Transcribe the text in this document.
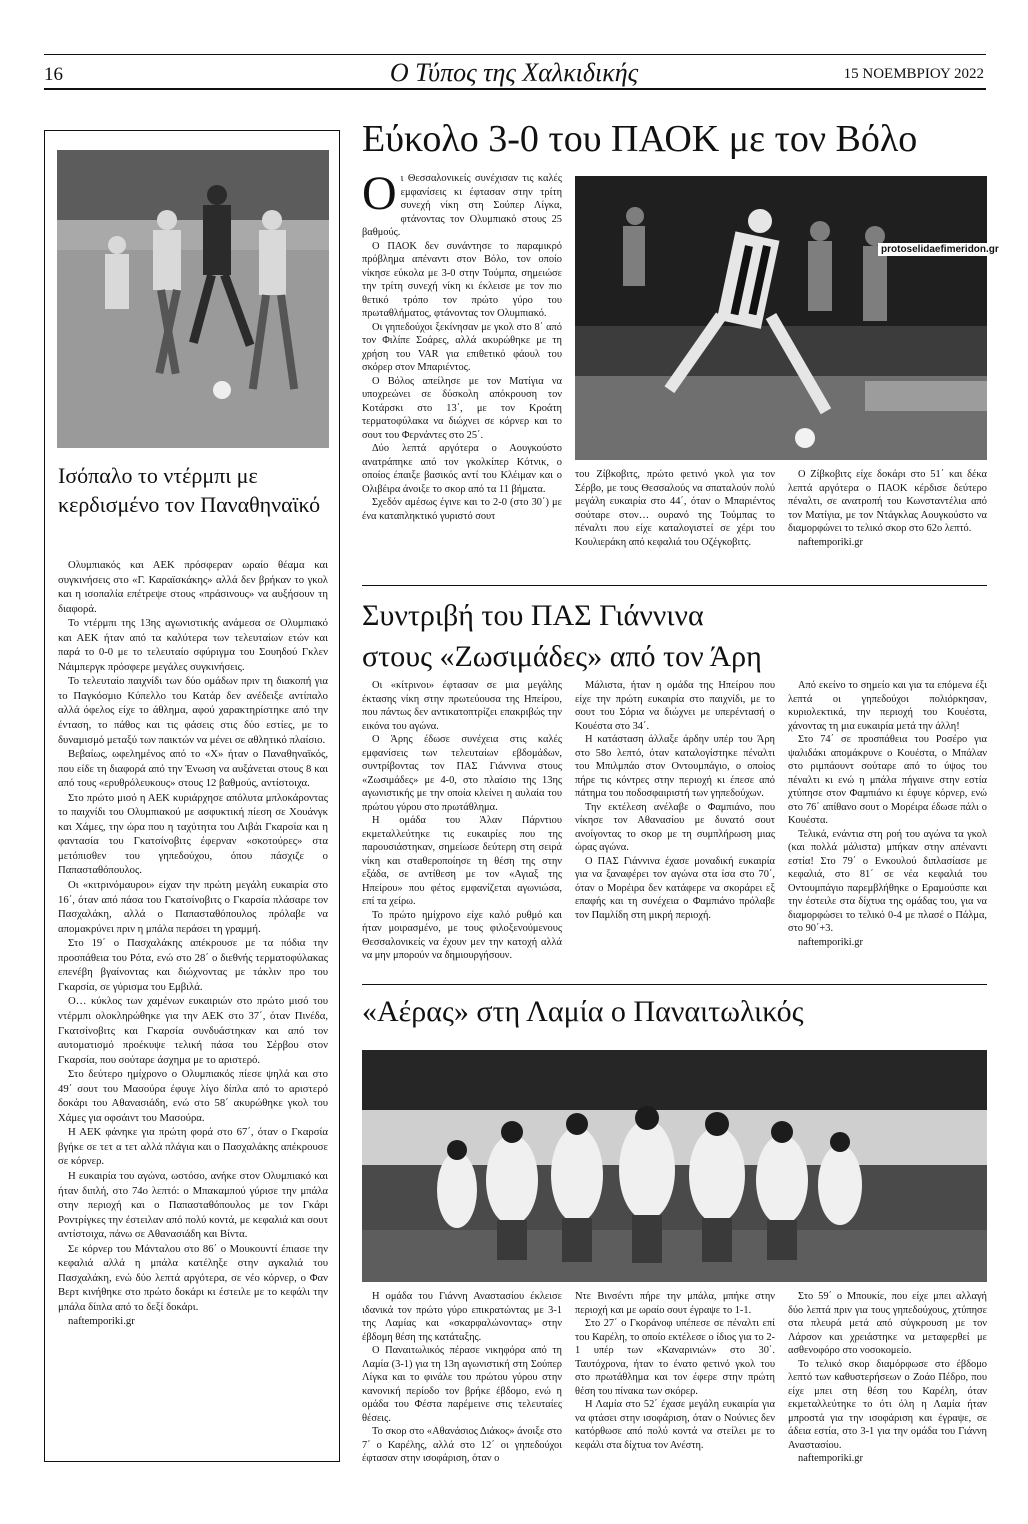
16	Ο Τύπος της Χαλκιδικής	15 ΝΟΕΜΒΡΙΟΥ 2022
Ισόπαλο το ντέρμπι με κερδισμένο τον Παναθηναϊκό

Ολυμπιακός και ΑΕΚ πρόσφεραν ωραίο θέαμα και συγκινήσεις στο «Γ. Καραϊσκάκης» αλλά δεν βρήκαν το γκολ και η ισοπαλία επέτρεψε στους «πράσινους» να αυξήσουν τη διαφορά.

Το ντέρμπι της 13ης αγωνιστικής ανάμεσα σε Ολυμπιακό και ΑΕΚ ήταν από τα καλύτερα των τελευταίων ετών και παρά το 0-0 με το τελευταίο σφύριγμα του Σουηδού Γκλεν Νάιμπεργκ πρόσφερε μεγάλες συγκινήσεις.

Το τελευταίο παιχνίδι των δύο ομάδων πριν τη διακοπή για το Παγκόσμιο Κύπελλο του Κατάρ δεν ανέδειξε αντίπαλο αλλά όφελος είχε το άθλημα, αφού χαρακτηρίστηκε από την ένταση, το πάθος και τις φάσεις στις δύο εστίες, με το δυναμισμό μεταξύ των παικτών να μένει σε αθλητικό πλαίσιο.

Βεβαίως, ωφελημένος από το «Χ» ήταν ο Παναθηναϊκός, που είδε τη διαφορά από την Ένωση να αυξάνεται στους 8 και από τους «ερυθρόλευκους» στους 12 βαθμούς, αντίστοιχα.

Στο πρώτο μισό η ΑΕΚ κυριάρχησε απόλυτα μπλοκάροντας το παιχνίδι του Ολυμπιακού με ασφυκτική πίεση σε Χουάνγκ και Χάμες, την ώρα που η ταχύτητα του Λιβάι Γκαρσία και η φαντασία του Γκατσίνοβιτς έφερναν «σκοτούρες» στα μετόπισθεν του γηπεδούχου, όπου πάσχιζε ο Παπασταθόπουλος.

Οι «κιτρινόμαυροι» είχαν την πρώτη μεγάλη ευκαιρία στο 16΄, όταν από πάσα του Γκατσίνοβιτς ο Γκαρσία πλάσαρε τον Πασχαλάκη, αλλά ο Παπασταθόπουλος πρόλαβε να απομακρύνει πριν η μπάλα περάσει τη γραμμή.

Στο 19΄ ο Πασχαλάκης απέκρουσε με τα πόδια την προσπάθεια του Ρότα, ενώ στο 28΄ ο διεθνής τερματοφύλακας επενέβη βγαίνοντας και διώχνοντας με τάκλιν προ του Γκαρσία, σε γύρισμα του Εμβιλά.

Ο… κύκλος των χαμένων ευκαιριών στο πρώτο μισό του ντέρμπι ολοκληρώθηκε για την ΑΕΚ στο 37΄, όταν Πινέδα, Γκατσίνοβιτς και Γκαρσία συνδυάστηκαν και από τον αυτοματισμό προέκυψε τελική πάσα του Σέρβου στον Γκαρσία, που σούταρε άσχημα με το αριστερό.

Στο δεύτερο ημίχρονο ο Ολυμπιακός πίεσε ψηλά και στο 49΄ σουτ του Μασούρα έφυγε λίγο δίπλα από το αριστερό δοκάρι του Αθανασιάδη, ενώ στο 58΄ ακυρώθηκε γκολ του Χάμες για οφσάιντ του Μασούρα.

Η ΑΕΚ φάνηκε για πρώτη φορά στο 67΄, όταν ο Γκαρσία βγήκε σε τετ α τετ αλλά πλάγια και ο Πασχαλάκης απέκρουσε σε κόρνερ.

Η ευκαιρία του αγώνα, ωστόσο, ανήκε στον Ολυμπιακό και ήταν διπλή, στο 74ο λεπτό: ο Μπακαμπού γύρισε την μπάλα στην περιοχή και ο Παπασταθόπουλος με τον Γκάρι Ροντρίγκες την έστειλαν από πολύ κοντά, με κεφαλιά και σουτ αντίστοιχα, πάνω σε Αθανασιάδη και Βίντα.

Σε κόρνερ του Μάνταλου στο 86΄ ο Μουκουντί έπιασε την κεφαλιά αλλά η μπάλα κατέληξε στην αγκαλιά του Πασχαλάκη, ενώ δύο λεπτά αργότερα, σε νέο κόρνερ, ο Φαν Βερτ κινήθηκε στο πρώτο δοκάρι κι έστειλε με το κεφάλι την μπάλα δίπλα από το δεξί δοκάρι.

naftemporiki.gr

Εύκολο 3-0 του ΠΑΟΚ με τον Βόλο

Οι Θεσσαλονικείς συνέχισαν τις καλές εμφανίσεις κι έφτασαν στην τρίτη συνεχή νίκη στη Σούπερ Λίγκα, φτάνοντας τον Ολυμπιακό στους 25 βαθμούς.

Ο ΠΑΟΚ δεν συνάντησε το παραμικρό πρόβλημα απέναντι στον Βόλο, τον οποίο νίκησε εύκολα με 3-0 στην Τούμπα, σημειώσε την τρίτη συνεχή νίκη κι έκλεισε με τον πιο θετικό τρόπο τον πρώτο γύρο του πρωταθλήματος, φτάνοντας τον Ολυμπιακό.

Οι γηπεδούχοι ξεκίνησαν με γκολ στο 8΄ από τον Φιλίπε Σοάρες, αλλά ακυρώθηκε με τη χρήση του VAR για επιθετικό φάουλ του σκόρερ στον Μπαριέντος.

Ο Βόλος απείλησε με τον Ματίγια να υποχρεώνει σε δύσκολη απόκρουση τον Κοτάρσκι στο 13΄, με τον Κροάτη τερματοφύλακα να διώχνει σε κόρνερ και το σουτ του Φερνάντες στο 25΄.

Δύο λεπτά αργότερα ο Αουγκούστο ανατράπηκε από τον γκολκίπερ Κότνικ, ο οποίος έπαιξε βασικός αντί του Κλέιμαν και ο Ολιβέιρα άνοιξε το σκορ από τα 11 βήματα.

Σχεδόν αμέσως έγινε και το 2-0 (στο 30΄) με ένα καταπληκτικό γυριστό σουτ

protoselidaefimeridon.gr

του Ζίβκοβιτς, πρώτο φετινό γκολ για τον Σέρβο, με τους Θεσσαλούς να σπαταλούν πολύ μεγάλη ευκαιρία στο 44΄, όταν ο Μπαριέντος σούταρε στον… ουρανό της Τούμπας το πέναλτι που είχε καταλογιστεί σε χέρι του Κουλιεράκη από κεφαλιά του Οζέγκοβιτς.

Ο Ζίβκοβιτς είχε δοκάρι στο 51΄ και δέκα λεπτά αργότερα ο ΠΑΟΚ κέρδισε δεύτερο πέναλτι, σε ανατροπή του Κωνσταντέλια από τον Ματίγια, με τον Ντάγκλας Αουγκούστο να διαμορφώνει το τελικό σκορ στο 62ο λεπτό.

naftemporiki.gr

Συντριβή του ΠΑΣ Γιάννινα
στους «Ζωσιμάδες» από τον Άρη

Οι «κίτρινοι» έφτασαν σε μια μεγάλης έκτασης νίκη στην πρωτεύουσα της Ηπείρου, που πάντως δεν αντικατοπτρίζει επακριβώς την εικόνα του αγώνα.

Ο Άρης έδωσε συνέχεια στις καλές εμφανίσεις των τελευταίων εβδομάδων, συντρίβοντας τον ΠΑΣ Γιάννινα στους «Ζωσιμάδες» με 4-0, στο πλαίσιο της 13ης αγωνιστικής με την οποία κλείνει η αυλαία του πρώτου γύρου στο πρωτάθλημα.

Η ομάδα του Άλαν Πάρντιου εκμεταλλεύτηκε τις ευκαιρίες που της παρουσιάστηκαν, σημείωσε δεύτερη στη σειρά νίκη και σταθεροποίησε τη θέση της στην εξάδα, σε αντίθεση με τον «Αγιαξ της Ηπείρου» που φέτος εμφανίζεται αγωνιώσα, επί τα χείρω.

Το πρώτο ημίχρονο είχε καλό ρυθμό και ήταν μοιρασμένο, με τους φιλοξενούμενους Θεσσαλονικείς να έχουν μεν την κατοχή αλλά να μην μπορούν να δημιουργήσουν.

Μάλιστα, ήταν η ομάδα της Ηπείρου που είχε την πρώτη ευκαιρία στο παιχνίδι, με το σουτ του Σόρια να διώχνει με υπερέντασή ο Κουέστα στο 34΄.

Η κατάσταση άλλαξε άρδην υπέρ του Άρη στο 58ο λεπτό, όταν καταλογίστηκε πέναλτι του Μπιλμπάο στον Οντουμπάγιο, ο οποίος πήρε τις κόντρες στην περιοχή κι έπεσε από πάτημα του ποδοσφαιριστή των γηπεδούχων.

Την εκτέλεση ανέλαβε ο Φαμπιάνο, που νίκησε τον Αθανασίου με δυνατό σουτ ανοίγοντας το σκορ με τη συμπλήρωση μιας ώρας αγώνα.

Ο ΠΑΣ Γιάννινα έχασε μοναδική ευκαιρία για να ξαναφέρει τον αγώνα στα ίσα στο 70΄, όταν ο Μορέιρα δεν κατάφερε να σκοράρει εξ επαφής και τη συνέχεια ο Φαμπιάνο πρόλαβε τον Παμλίδη στη μικρή περιοχή.

Από εκείνο το σημείο και για τα επόμενα έξι λεπτά οι γηπεδούχοι πολιόρκησαν, κυριολεκτικά, την περιοχή του Κουέστα, χάνοντας τη μια ευκαιρία μετά την άλλη!

Στο 74΄ σε προσπάθεια του Ροσέρο για ψαλιδάκι απομάκρυνε ο Κουέστα, ο Μπάλαν στο ριμπάουντ σούταρε από το ύψος του πέναλτι κι ενώ η μπάλα πήγαινε στην εστία χτύπησε στον Φαμπιάνο κι έφυγε κόρνερ, ενώ στο 76΄ απίθανο σουτ ο Μορέιρα έδωσε πάλι ο Κουέστα.

Τελικά, ενάντια στη ροή του αγώνα τα γκολ (και πολλά μάλιστα) μπήκαν στην απέναντι εστία! Στο 79΄ ο Ενκουλού διπλασίασε με κεφαλιά, στο 81΄ σε νέα κεφαλιά του Οντουμπάγιο παρεμβλήθηκε ο Εραμούσπε και την έστειλε στα δίχτυα της ομάδας του, για να διαμορφώσει το τελικό 0-4 με πλασέ ο Πάλμα, στο 90΄+3.

naftemporiki.gr

«Αέρας» στη Λαμία ο Παναιτωλικός

Η ομάδα του Γιάννη Αναστασίου έκλεισε ιδανικά τον πρώτο γύρο επικρατώντας με 3-1 της Λαμίας και «σκαρφαλώνοντας» στην έβδομη θέση της κατάταξης.

Ο Παναιτωλικός πέρασε νικηφόρα από τη Λαμία (3-1) για τη 13η αγωνιστική στη Σούπερ Λίγκα και το φινάλε του πρώτου γύρου στην κανονική περίοδο τον βρήκε έβδομο, ενώ η ομάδα του Φέστα παρέμεινε στις τελευταίες θέσεις.

Το σκορ στο «Αθανάσιος Διάκος» άνοιξε στο 7΄ ο Καρέλης, αλλά στο 12΄ οι γηπεδούχοι έφτασαν στην ισοφάριση, όταν ο

Ντε Βινσέντι πήρε την μπάλα, μπήκε στην περιοχή και με ωραίο σουτ έγραψε το 1-1.

Στο 27΄ ο Γκοράνοφ υπέπεσε σε πέναλτι επί του Καρέλη, το οποίο εκτέλεσε ο ίδιος για το 2-1 υπέρ των «Καναρινιών» στο 30΄. Ταυτόχρονα, ήταν το ένατο φετινό γκολ του στο πρωτάθλημα και τον έφερε στην πρώτη θέση του πίνακα των σκόρερ.

Η Λαμία στο 52΄ έχασε μεγάλη ευκαιρία για να φτάσει στην ισοφάριση, όταν ο Νούνιες δεν κατόρθωσε από πολύ κοντά να στείλει με το κεφάλι στα δίχτυα τον Ανέστη.

Στο 59΄ ο Μπουκίε, που είχε μπει αλλαγή δύο λεπτά πριν για τους γηπεδούχους, χτύπησε στα πλευρά μετά από σύγκρουση με τον Λάρσον και χρειάστηκε να μεταφερθεί με ασθενοφόρο στο νοσοκομείο.

Το τελικό σκορ διαμόρφωσε στο έβδομο λεπτό των καθυστερήσεων ο Ζοάο Πέδρο, που είχε μπει στη θέση του Καρέλη, όταν εκμεταλλεύτηκε το ότι όλη η Λαμία ήταν μπροστά για την ισοφάριση και έγραψε, σε άδεια εστία, στο 3-1 για την ομάδα του Γιάννη Αναστασίου.

naftemporiki.gr
